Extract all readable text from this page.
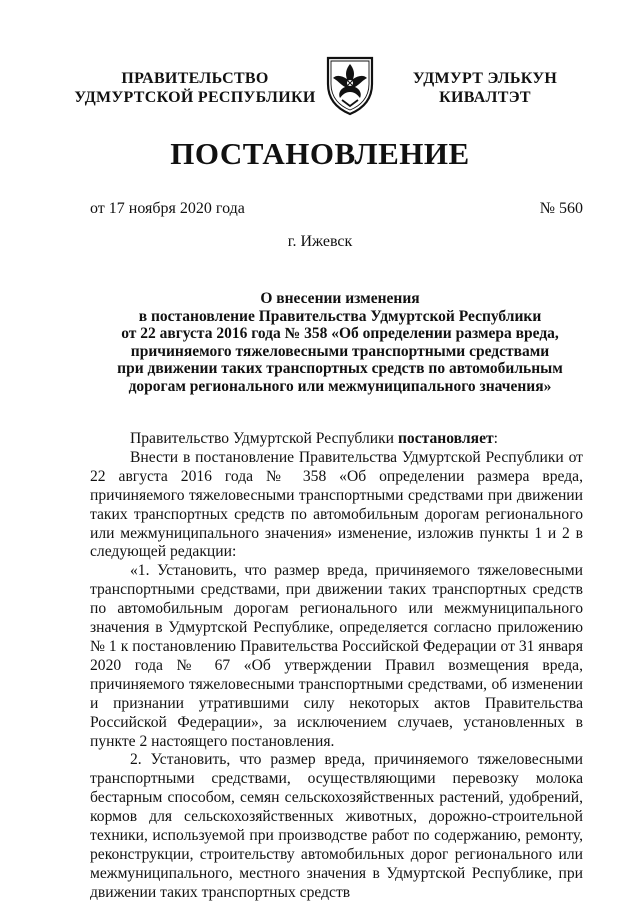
ПРАВИТЕЛЬСТВО
УДМУРТСКОЙ РЕСПУБЛИКИ
УДМУРТ ЭЛЬКУН
КИВАЛТЭТ
ПОСТАНОВЛЕНИЕ
от 17 ноября 2020 года	№ 560
г. Ижевск
О внесении изменения
в постановление Правительства Удмуртской Республики
от 22 августа 2016 года № 358 «Об определении размера вреда,
причиняемого тяжеловесными транспортными средствами
при движении таких транспортных средств по автомобильным
дорогам регионального или межмуниципального значения»

Правительство Удмуртской Республики постановляет:

Внести в постановление Правительства Удмуртской Республики от 22 августа 2016 года № 358 «Об определении размера вреда, причиняемого тяжеловесными транспортными средствами при движении таких транспортных средств по автомобильным дорогам регионального или межмуниципального значения» изменение, изложив пункты 1 и 2 в следующей редакции:

«1. Установить, что размер вреда, причиняемого тяжеловесными транспортными средствами, при движении таких транспортных средств по автомобильным дорогам регионального или межмуниципального значения в Удмуртской Республике, определяется согласно приложению № 1 к постановлению Правительства Российской Федерации от 31 января 2020 года № 67 «Об утверждении Правил возмещения вреда, причиняемого тяжеловесными транспортными средствами, об изменении и признании утратившими силу некоторых актов Правительства Российской Федерации», за исключением случаев, установленных в пункте 2 настоящего постановления.

2. Установить, что размер вреда, причиняемого тяжеловесными транспортными средствами, осуществляющими перевозку молока бестарным способом, семян сельскохозяйственных растений, удобрений, кормов для сельскохозяйственных животных, дорожно-строительной техники, используемой при производстве работ по содержанию, ремонту, реконструкции, строительству автомобильных дорог регионального или межмуниципального, местного значения в Удмуртской Республике, при движении таких транспортных средств
